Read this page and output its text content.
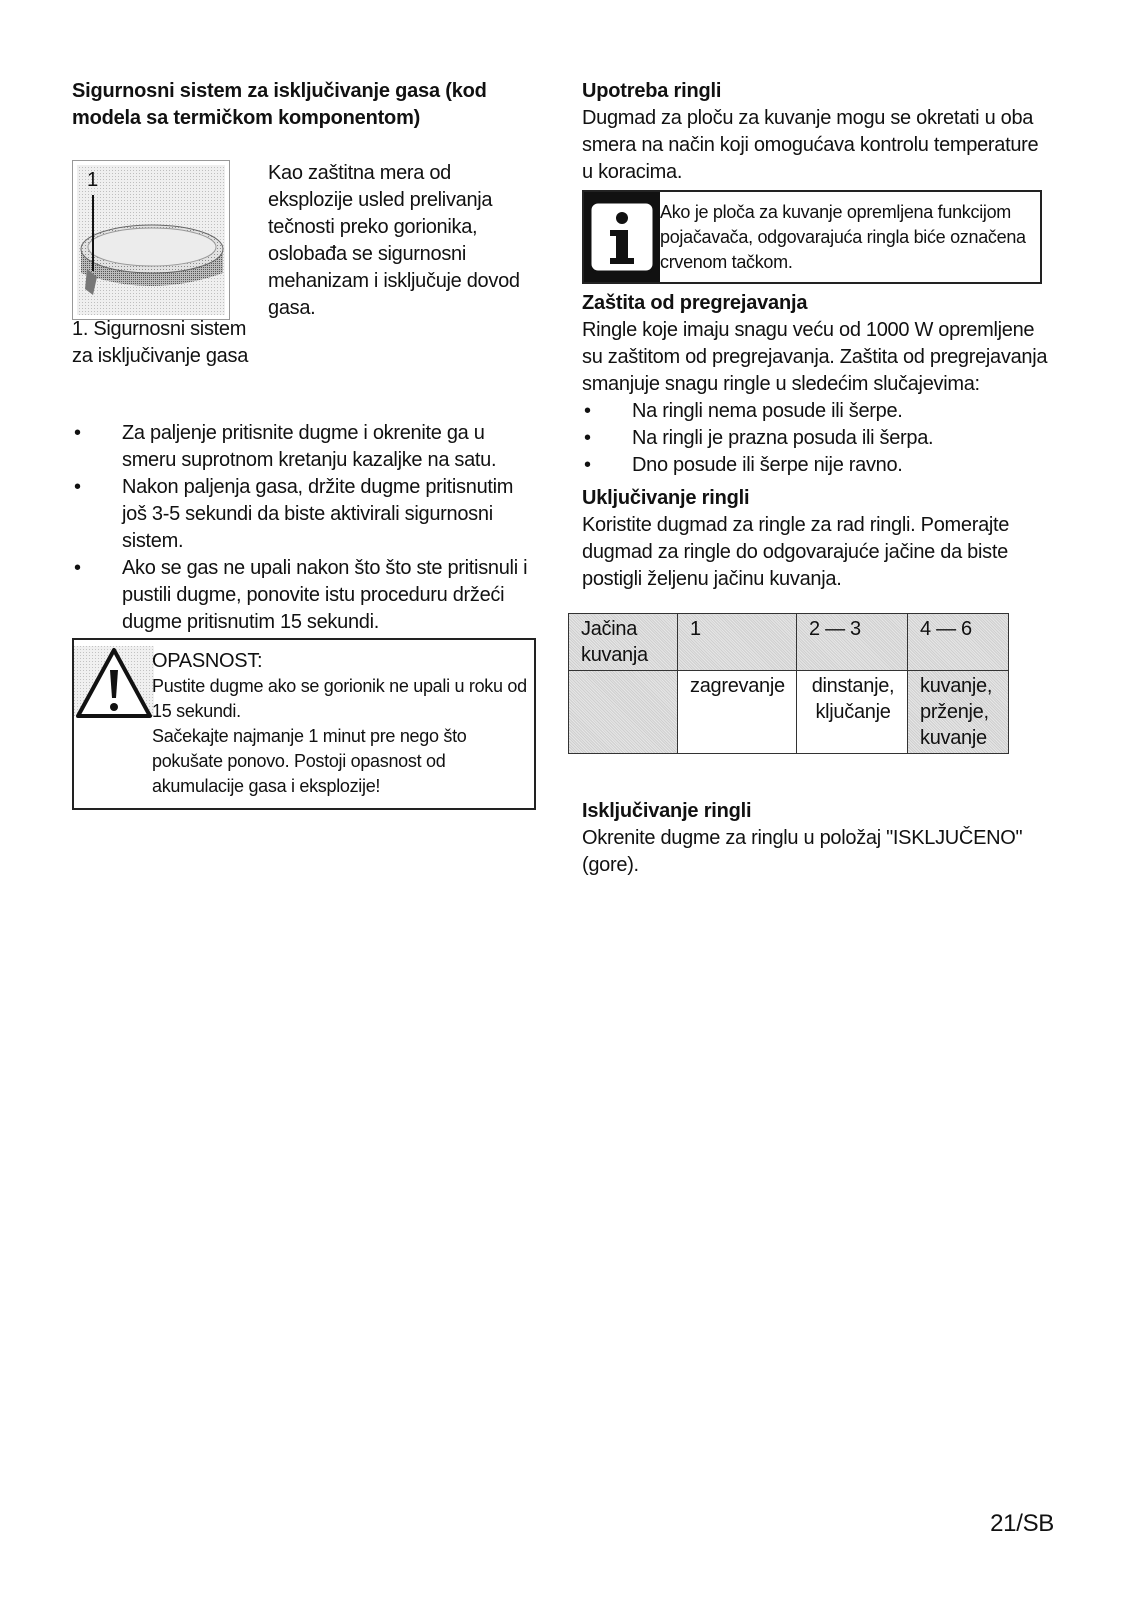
Sigurnosni sistem za isključivanje gasa (kod modela sa termičkom komponentom)

1
1. Sigurnosni sistem za isključivanje gasa
Kao zaštitna mera od eksplozije usled prelivanja tečnosti preko gorionika, oslobađa se sigurnosni mehanizam i isključuje dovod gasa.
• Za paljenje pritisnite dugme i okrenite ga u smeru suprotnom kretanju kazaljke na satu.
• Nakon paljenja gasa, držite dugme pritisnutim još 3-5 sekundi da biste aktivirali sigurnosni sistem.
• Ako se gas ne upali nakon što što ste pritisnuli i pustili dugme, ponovite istu proceduru držeći dugme pritisnutim 15 sekundi.
OPASNOST:
Pustite dugme ako se gorionik ne upali u roku od 15 sekundi.
Sačekajte najmanje 1 minut pre nego što pokušate ponovo. Postoji opasnost od akumulacije gasa i eksplozije!

Upotreba ringli

Dugmad za ploču za kuvanje mogu se okretati u oba smera na način koji omogućava kontrolu temperature u koracima.

Ako je ploča za kuvanje opremljena funkcijom pojačavača, odgovarajuća ringla biće označena crvenom tačkom.

Zaštita od pregrejavanja

Ringle koje imaju snagu veću od 1000 W opremljene su zaštitom od pregrejavanja. Zaštita od pregrejavanja smanjuje snagu ringle u sledećim slučajevima:

• Na ringli nema posude ili šerpe.
• Na ringli je prazna posuda ili šerpa.
• Dno posude ili šerpe nije ravno.

Uključivanje ringli

Koristite dugmad za ringle za rad ringli. Pomerajte dugmad za ringle do odgovarajuće jačine da biste postigli željenu jačinu kuvanja.

Jačina kuvanja	1	2 — 3	4 — 6
	zagrevanje	dinstanje, ključanje	kuvanje, prženje, kuvanje

Isključivanje ringli

Okrenite dugme za ringlu u položaj "ISKLJUČENO" (gore).

21/SB
